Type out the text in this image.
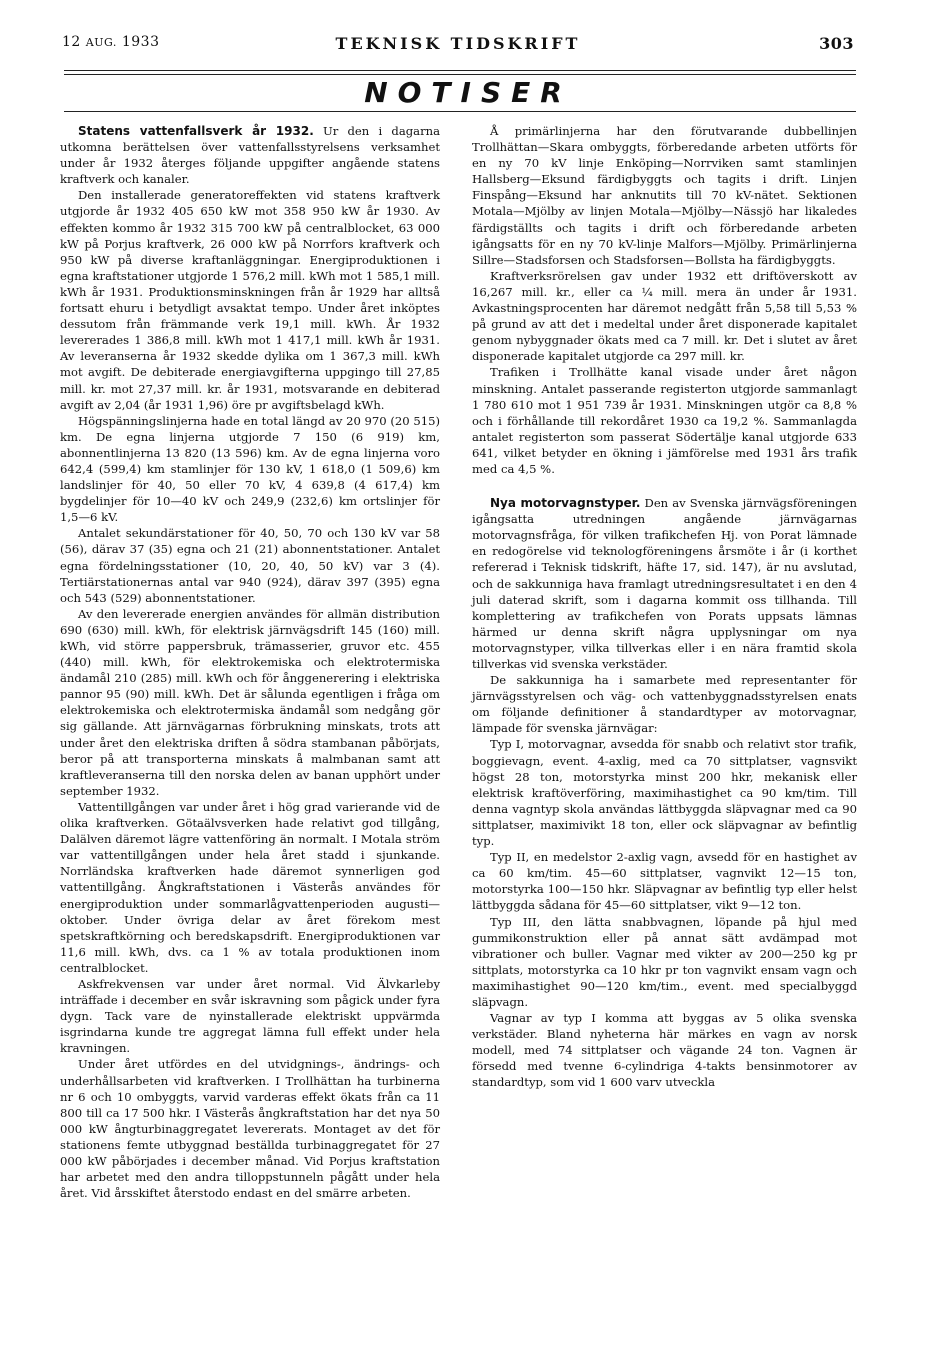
12 AUG. 1933	TEKNISK TIDSKRIFT	303
NOTISER

Statens vattenfallsverk år 1932. Ur den i dagarna utkomna berättelsen över vattenfallsstyrelsens verksamhet under år 1932 återges följande uppgifter angående statens kraftverk och kanaler.

Den installerade generatoreffekten vid statens kraftverk utgjorde år 1932 405 650 kW mot 358 950 kW år 1930. Av effekten kommo år 1932 315 700 kW på centralblocket, 63 000 kW på Porjus kraftverk, 26 000 kW på Norrfors kraftverk och 950 kW på diverse kraftanläggningar. Energiproduktionen i egna kraftstationer utgjorde 1 576,2 mill. kWh mot 1 585,1 mill. kWh år 1931. Produktionsminskningen från år 1929 har alltså fortsatt ehuru i betydligt avsaktat tempo. Under året inköptes dessutom från främmande verk 19,1 mill. kWh. År 1932 levererades 1 386,8 mill. kWh mot 1 417,1 mill. kWh år 1931. Av leveranserna år 1932 skedde dylika om 1 367,3 mill. kWh mot avgift. De debiterade energiavgifterna uppgingo till 27,85 mill. kr. mot 27,37 mill. kr. år 1931, motsvarande en debiterad avgift av 2,04 (år 1931 1,96) öre pr avgiftsbelagd kWh.

Högspänningslinjerna hade en total längd av 20 970 (20 515) km. De egna linjerna utgjorde 7 150 (6 919) km, abonnentlinjerna 13 820 (13 596) km. Av de egna linjerna voro 642,4 (599,4) km stamlinjer för 130 kV, 1 618,0 (1 509,6) km landslinjer för 40, 50 eller 70 kV, 4 639,8 (4 617,4) km bygdelinjer för 10—40 kV och 249,9 (232,6) km ortslinjer för 1,5—6 kV.

Antalet sekundärstationer för 40, 50, 70 och 130 kV var 58 (56), därav 37 (35) egna och 21 (21) abonnentstationer. Antalet egna fördelningsstationer (10, 20, 40, 50 kV) var 3 (4). Tertiärstationernas antal var 940 (924), därav 397 (395) egna och 543 (529) abonnentstationer.

Av den levererade energien användes för allmän distribution 690 (630) mill. kWh, för elektrisk järnvägsdrift 145 (160) mill. kWh, vid större pappersbruk, trämasserier, gruvor etc. 455 (440) mill. kWh, för elektrokemiska och elektrotermiska ändamål 210 (285) mill. kWh och för ånggenerering i elektriska pannor 95 (90) mill. kWh. Det är sålunda egentligen i fråga om elektrokemiska och elektrotermiska ändamål som nedgång gör sig gällande. Att järnvägarnas förbrukning minskats, trots att under året den elektriska driften å södra stambanan påbörjats, beror på att transporterna minskats å malmbanan samt att kraftleveranserna till den norska delen av banan upphört under september 1932.

Vattentillgången var under året i hög grad varierande vid de olika kraftverken. Götaälvsverken hade relativt god tillgång, Dalälven däremot lägre vattenföring än normalt. I Motala ström var vattentillgången under hela året stadd i sjunkande. Norrländska kraftverken hade däremot synnerligen god vattentillgång. Ångkraftstationen i Västerås användes för energiproduktion under sommarlågvattenperioden augusti—oktober. Under övriga delar av året förekom mest spetskraftkörning och beredskapsdrift. Energiproduktionen var 11,6 mill. kWh, dvs. ca 1 % av totala produktionen inom centralblocket.

Askfrekvensen var under året normal. Vid Älvkarleby inträffade i december en svår iskravning som pågick under fyra dygn. Tack vare de nyinstallerade elektriskt uppvärmda isgrindarna kunde tre aggregat lämna full effekt under hela kravningen.

Under året utfördes en del utvidgnings-, ändrings- och underhållsarbeten vid kraftverken. I Trollhättan ha turbinerna nr 6 och 10 ombyggts, varvid varderas effekt ökats från ca 11 800 till ca 17 500 hkr. I Västerås ångkraftstation har det nya 50 000 kW ångturbinaggregatet levererats. Montaget av det för stationens femte utbyggnad beställda turbinaggregatet för 27 000 kW påbörjades i december månad. Vid Porjus kraftstation har arbetet med den andra tilloppstunneln pågått under hela året. Vid årsskiftet återstodo endast en del smärre arbeten.

Å primärlinjerna har den förutvarande dubbellinjen Trollhättan—Skara ombyggts, förberedande arbeten utförts för en ny 70 kV linje Enköping—Norrviken samt stamlinjen Hallsberg—Eksund färdigbyggts och tagits i drift. Linjen Finspång—Eksund har anknutits till 70 kV-nätet. Sektionen Motala—Mjölby av linjen Motala—Mjölby—Nässjö har likaledes färdigställts och tagits i drift och förberedande arbeten igångsatts för en ny 70 kV-linje Malfors—Mjölby. Primärlinjerna Sillre—Stadsforsen och Stadsforsen—Bollsta ha färdigbyggts.

Kraftverksrörelsen gav under 1932 ett driftöverskott av 16,267 mill. kr., eller ca ¼ mill. mera än under år 1931. Avkastningsprocenten har däremot nedgått från 5,58 till 5,53 % på grund av att det i medeltal under året disponerade kapitalet genom nybyggnader ökats med ca 7 mill. kr. Det i slutet av året disponerade kapitalet utgjorde ca 297 mill. kr.

Trafiken i Trollhätte kanal visade under året någon minskning. Antalet passerande registerton utgjorde sammanlagt 1 780 610 mot 1 951 739 år 1931. Minskningen utgör ca 8,8 % och i förhållande till rekordåret 1930 ca 19,2 %. Sammanlagda antalet registerton som passerat Södertälje kanal utgjorde 633 641, vilket betyder en ökning i jämförelse med 1931 års trafik med ca 4,5 %.

Nya motorvagnstyper. Den av Svenska järnvägsföreningen igångsatta utredningen angående järnvägarnas motorvagnsfråga, för vilken trafikchefen Hj. von Porat lämnade en redogörelse vid teknologföreningens årsmöte i år (i korthet refererad i Teknisk tidskrift, häfte 17, sid. 147), är nu avslutad, och de sakkunniga hava framlagt utredningsresultatet i en den 4 juli daterad skrift, som i dagarna kommit oss tillhanda. Till komplettering av trafikchefen von Porats uppsats lämnas härmed ur denna skrift några upplysningar om nya motorvagnstyper, vilka tillverkas eller i en nära framtid skola tillverkas vid svenska verkstäder.

De sakkunniga ha i samarbete med representanter för järnvägsstyrelsen och väg- och vattenbyggnadsstyrelsen enats om följande definitioner å standardtyper av motorvagnar, lämpade för svenska järnvägar:

Typ I, motorvagnar, avsedda för snabb och relativt stor trafik, boggievagn, event. 4-axlig, med ca 70 sittplatser, vagnsvikt högst 28 ton, motorstyrka minst 200 hkr, mekanisk eller elektrisk kraftöverföring, maximihastighet ca 90 km/tim. Till denna vagntyp skola användas lättbyggda släpvagnar med ca 90 sittplatser, maximivikt 18 ton, eller ock släpvagnar av befintlig typ.

Typ II, en medelstor 2-axlig vagn, avsedd för en hastighet av ca 60 km/tim. 45—60 sittplatser, vagnvikt 12—15 ton, motorstyrka 100—150 hkr. Släpvagnar av befintlig typ eller helst lättbyggda sådana för 45—60 sittplatser, vikt 9—12 ton.

Typ III, den lätta snabbvagnen, löpande på hjul med gummikonstruktion eller på annat sätt avdämpad mot vibrationer och buller. Vagnar med vikter av 200—250 kg pr sittplats, motorstyrka ca 10 hkr pr ton vagnvikt ensam vagn och maximihastighet 90—120 km/tim., event. med specialbyggd släpvagn.

Vagnar av typ I komma att byggas av 5 olika svenska verkstäder. Bland nyheterna här märkes en vagn av norsk modell, med 74 sittplatser och vägande 24 ton. Vagnen är försedd med tvenne 6-cylindriga 4-takts bensinmotorer av standardtyp, som vid 1 600 varv utveckla
